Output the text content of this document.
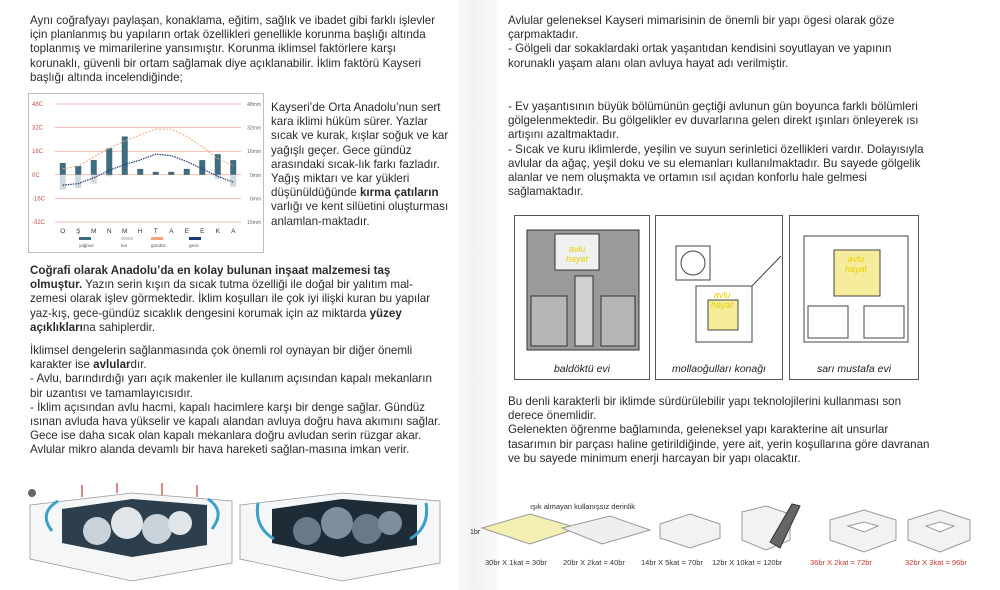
Aynı coğrafyayı paylaşan, konaklama, eğitim, sağlık ve ibadet gibi farklı işlevler için planlanmış bu yapıların ortak özellikleri genellikle korunma başlığı altında toplanmış ve mimarilerine yansımıştır. Korunma iklimsel faktörlere karşı korunaklı, güvenli bir ortam sağlamak diye açıklanabilir. İklim faktörü Kayseri başlığı altında incelendiğinde;

48C	48mm
32C	32mm
16C	16mm
0C	0mm
-16C	0mm
-32C	16mm
O Ş M N M H T A E E K A
yağmur	kar	gündüz	gece

Kayseri’de Orta Anadolu’nun sert kara iklimi hüküm sürer. Yazlar sıcak ve kurak, kışlar soğuk ve kar yağışlı geçer. Gece gündüz arasındaki sıcak-lık farkı fazladır. Yağış miktarı ve kar yükleri düşünüldüğünde kırma çatıların varlığı ve kent silüetini oluşturması anlamlan-maktadır.

Coğrafi olarak Anadolu’da en kolay bulunan inşaat malzemesi taş olmuştur. Yazın serin kışın da sıcak tutma özelliği ile doğal bir yalıtım mal-zemesi olarak işlev görmektedir. İklim koşulları ile çok iyi ilişki kuran bu yapılar yaz-kış, gece-gündüz sıcaklık dengesini korumak için az miktarda yüzey açıklıklarına sahiplerdir.

İklimsel dengelerin sağlanmasında çok önemli rol oynayan bir diğer önemli karakter ise avlulardır.

- Avlu, barındırdığı yarı açık makenler ile kullanım açısından kapalı mekanların bir uzantısı ve tamamlayıcısıdır.

- İklim açısından avlu hacmi, kapalı hacimlere karşı bir denge sağlar. Gündüz ısınan avluda hava yükselir ve kapalı alandan avluya doğru hava akımını sağlar. Gece ise daha sıcak olan kapalı mekanlara doğru avludan serin rüzgar akar. Avlular mikro alanda devamlı bir hava hareketi sağlan-masına imkan verir.

Avlular geleneksel Kayseri mimarisinin de önemli bir yapı ögesi olarak göze çarpmaktadır.

- Gölgeli dar sokaklardaki ortak yaşantıdan kendisini soyutlayan ve yapının korunaklı yaşam alanı olan avluya hayat adı verilmiştir.

- Ev yaşantısının büyük bölümünün geçtiği avlunun gün boyunca farklı bölümleri gölgelenmektedir. Bu gölgelikler ev duvarlarına gelen direkt ışınları önleyerek ısı artışını azaltmaktadır.

- Sıcak ve kuru iklimlerde, yeşilin ve suyun serinletici özellikleri vardır. Dolayısıyla avlular da ağaç, yeşil doku ve su elemanları kullanılmaktadır. Bu sayede gölgelik alanlar ve nem oluşmakta ve ortamın ısıl açıdan konforlu hale gelmesi sağlamaktadır.

avlu
hayat
baldöktü evi
avlu
hayat
mollaoğulları konağı
avlu
hayat
sarı mustafa evi

Bu denli karakterli bir iklimde sürdürülebilir yapı teknolojilerini kullanması son derece önemlidir.

Gelenekten öğrenme bağlamında, geleneksel yapı karakterine ait unsurlar tasarımın bir parçası haline getirildiğinde, yere ait, yerin koşullarına göre davranan ve bu sayede minimum enerji harcayan bir yapı olacaktır.

ışık almayan kullanışsız derinlik
1br
30br X 1kat = 30br 20br X 2kat = 40br 14br X 5kat = 70br 12br X 10kat = 120br	36br X 2kat = 72br	32br X 3kat = 96br
